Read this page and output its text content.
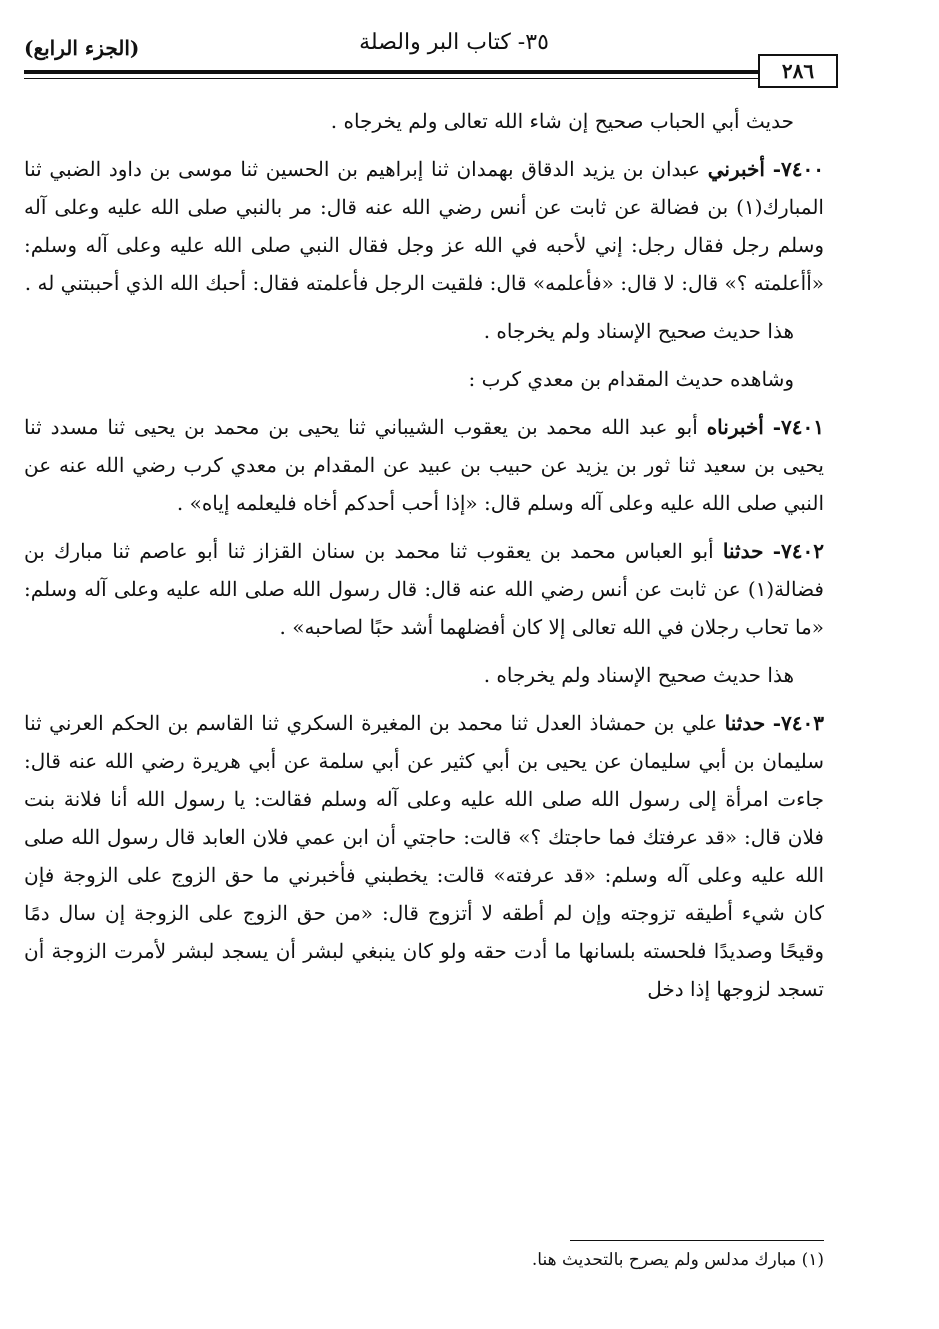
(الجزء الرابع)	٣٥- كتاب البر والصلة
٢٨٦

حديث أبي الحباب صحيح إن شاء الله تعالى ولم يخرجاه .

٧٤٠٠- أخبرني عبدان بن يزيد الدقاق بهمدان ثنا إبراهيم بن الحسين ثنا موسى بن داود الضبي ثنا المبارك(١) بن فضالة عن ثابت عن أنس رضي الله عنه قال: مر بالنبي صلى الله عليه وعلى آله وسلم رجل فقال رجل: إني لأحبه في الله عز وجل فقال النبي صلى الله عليه وعلى آله وسلم: «أأعلمته ؟» قال: لا قال: «فأعلمه» قال: فلقيت الرجل فأعلمته فقال: أحبك الله الذي أحببتني له .

هذا حديث صحيح الإسناد ولم يخرجاه .

وشاهده حديث المقدام بن معدي كرب :

٧٤٠١- أخبرناه أبو عبد الله محمد بن يعقوب الشيباني ثنا يحيى بن محمد بن يحيى ثنا مسدد ثنا يحيى بن سعيد ثنا ثور بن يزيد عن حبيب بن عبيد عن المقدام بن معدي كرب رضي الله عنه عن النبي صلى الله عليه وعلى آله وسلم قال: «إذا أحب أحدكم أخاه فليعلمه إياه» .

٧٤٠٢- حدثنا أبو العباس محمد بن يعقوب ثنا محمد بن سنان القزاز ثنا أبو عاصم ثنا مبارك بن فضالة(١) عن ثابت عن أنس رضي الله عنه قال: قال رسول الله صلى الله عليه وعلى آله وسلم: «ما تحاب رجلان في الله تعالى إلا كان أفضلهما أشد حبًا لصاحبه» .

هذا حديث صحيح الإسناد ولم يخرجاه .

٧٤٠٣- حدثنا علي بن حمشاذ العدل ثنا محمد بن المغيرة السكري ثنا القاسم بن الحكم العرني ثنا سليمان بن أبي سليمان عن يحيى بن أبي كثير عن أبي سلمة عن أبي هريرة رضي الله عنه قال: جاءت امرأة إلى رسول الله صلى الله عليه وعلى آله وسلم فقالت: يا رسول الله أنا فلانة بنت فلان قال: «قد عرفتك فما حاجتك ؟» قالت: حاجتي أن ابن عمي فلان العابد قال رسول الله صلى الله عليه وعلى آله وسلم: «قد عرفته» قالت: يخطبني فأخبرني ما حق الزوج على الزوجة فإن كان شيء أطيقه تزوجته وإن لم أطقه لا أتزوج قال: «من حق الزوج على الزوجة إن سال دمًا وقيحًا وصديدًا فلحسته بلسانها ما أدت حقه ولو كان ينبغي لبشر أن يسجد لبشر لأمرت الزوجة أن تسجد لزوجها إذا دخل

(١) مبارك مدلس ولم يصرح بالتحديث هنا.
